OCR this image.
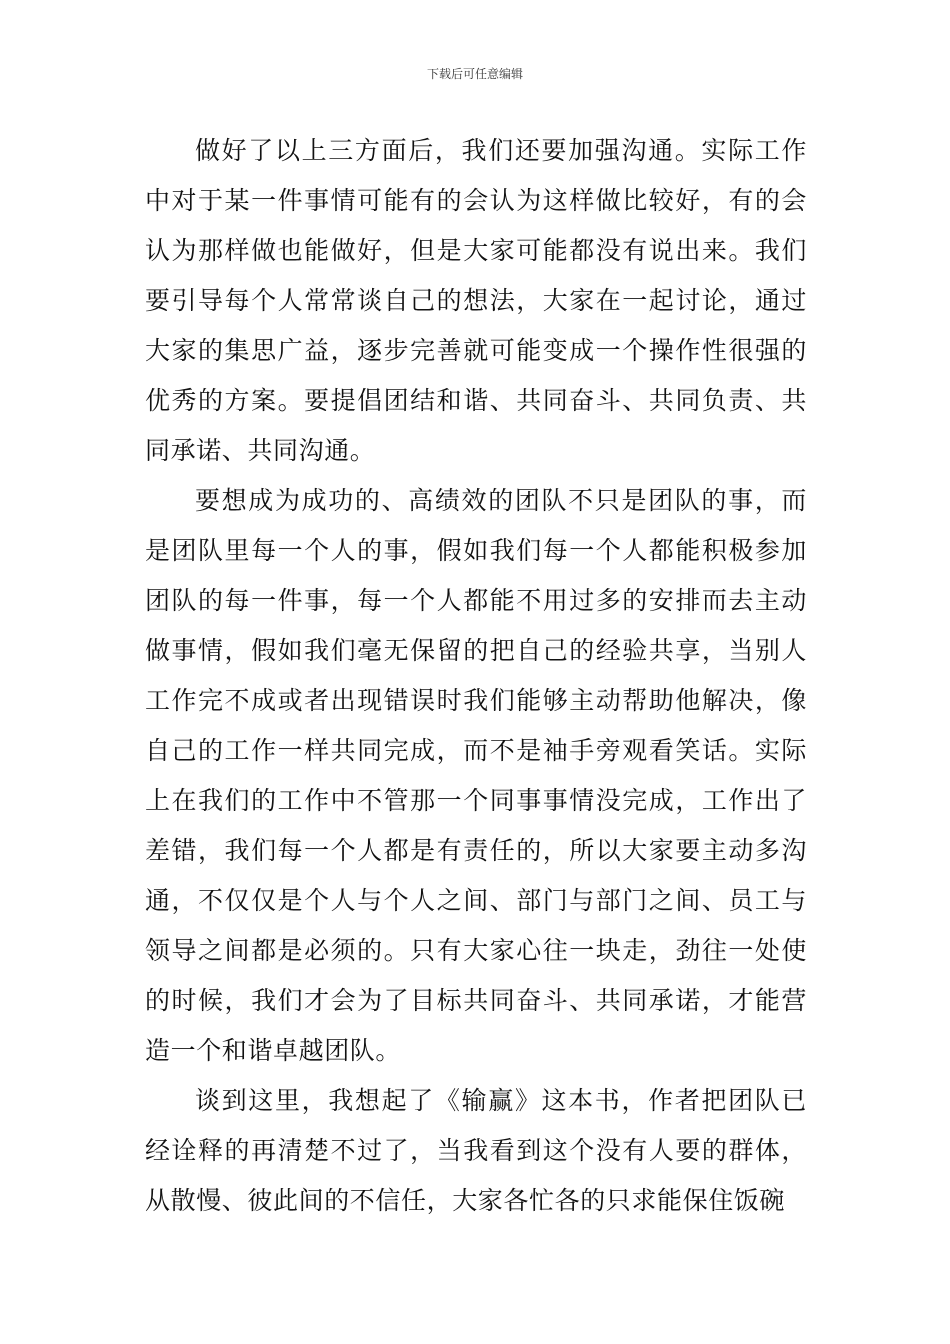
下载后可任意编辑

做好了以上三方面后，我们还要加强沟通。实际工作中对于某一件事情可能有的会认为这样做比较好，有的会认为那样做也能做好，但是大家可能都没有说出来。我们要引导每个人常常谈自己的想法，大家在一起讨论，通过大家的集思广益，逐步完善就可能变成一个操作性很强的优秀的方案。要提倡团结和谐、共同奋斗、共同负责、共同承诺、共同沟通。

要想成为成功的、高绩效的团队不只是团队的事，而是团队里每一个人的事，假如我们每一个人都能积极参加团队的每一件事，每一个人都能不用过多的安排而去主动做事情，假如我们毫无保留的把自己的经验共享，当别人工作完不成或者出现错误时我们能够主动帮助他解决，像自己的工作一样共同完成，而不是袖手旁观看笑话。实际上在我们的工作中不管那一个同事事情没完成，工作出了差错，我们每一个人都是有责任的，所以大家要主动多沟通，不仅仅是个人与个人之间、部门与部门之间、员工与领导之间都是必须的。只有大家心往一块走，劲往一处使的时候，我们才会为了目标共同奋斗、共同承诺，才能营造一个和谐卓越团队。

谈到这里，我想起了《输赢》这本书，作者把团队已经诠释的再清楚不过了，当我看到这个没有人要的群体，从散慢、彼此间的不信任，大家各忙各的只求能保住饭碗
